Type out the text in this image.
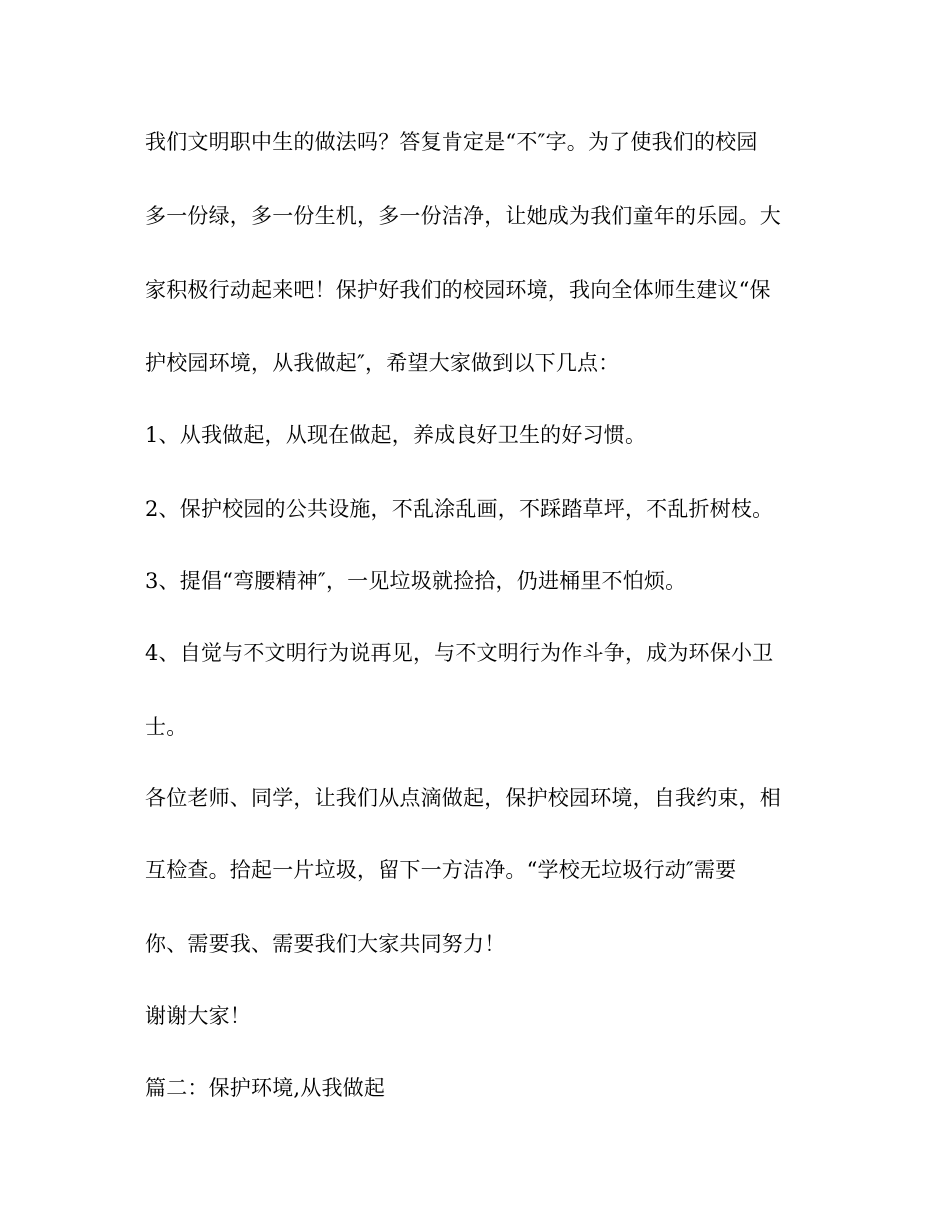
我们文明职中生的做法吗？答复肯定是“不″字。为了使我们的校园
多一份绿，多一份生机，多一份洁净，让她成为我们童年的乐园。大
家积极行动起来吧！保护好我们的校园环境，我向全体师生建议“保
护校园环境，从我做起″，希望大家做到以下几点：
1、从我做起，从现在做起，养成良好卫生的好习惯。
2、保护校园的公共设施，不乱涂乱画，不踩踏草坪，不乱折树枝。
3、提倡“弯腰精神″，一见垃圾就捡拾，仍进桶里不怕烦。
4、自觉与不文明行为说再见，与不文明行为作斗争，成为环保小卫
士。
各位老师、同学，让我们从点滴做起，保护校园环境，自我约束，相
互检查。拾起一片垃圾，留下一方洁净。“学校无垃圾行动″需要
你、需要我、需要我们大家共同努力！
谢谢大家！
篇二：保护环境,从我做起
